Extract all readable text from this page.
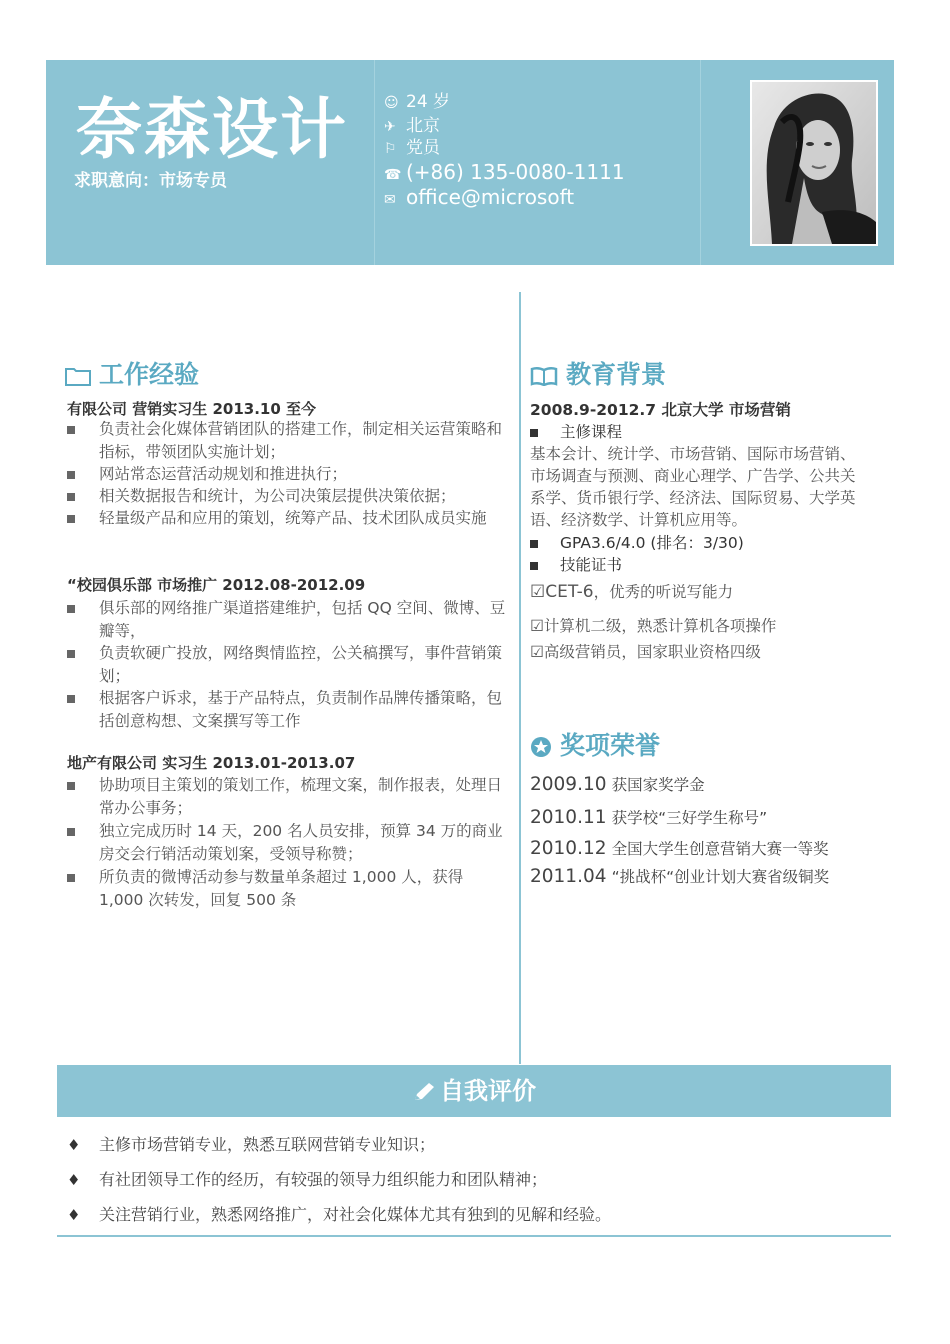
奈森设计
求职意向：市场专员
☺ 24 岁
✈ 北京
⚐ 党员
☎ (+86) 135-0080-1111
✉ office@microsoft
工作经验
有限公司 营销实习生 2013.10 至今
负责社会化媒体营销团队的搭建工作，制定相关运营策略和指标，带领团队实施计划；
网站常态运营活动规划和推进执行；
相关数据报告和统计，为公司决策层提供决策依据；
轻量级产品和应用的策划，统筹产品、技术团队成员实施
“校园俱乐部 市场推广 2012.08-2012.09
俱乐部的网络推广渠道搭建维护，包括 QQ 空间、微博、豆瓣等，
负责软硬广投放，网络舆情监控，公关稿撰写，事件营销策划；
根据客户诉求，基于产品特点，负责制作品牌传播策略，包括创意构想、文案撰写等工作
地产有限公司 实习生 2013.01-2013.07
协助项目主策划的策划工作，梳理文案，制作报表，处理日常办公事务；
独立完成历时 14 天，200 名人员安排，预算 34 万的商业房交会行销活动策划案，受领导称赞；
所负责的微博活动参与数量单条超过 1,000 人，获得 1,000 次转发，回复 500 条
教育背景
2008.9-2012.7 北京大学 市场营销
主修课程
基本会计、统计学、市场营销、国际市场营销、
市场调查与预测、商业心理学、广告学、公共关
系学、货币银行学、经济法、国际贸易、大学英
语、经济数学、计算机应用等。
GPA3.6/4.0 (排名：3/30)
技能证书
☑CET-6，优秀的听说写能力
☑计算机二级，熟悉计算机各项操作
☑高级营销员，国家职业资格四级
奖项荣誉
2009.10 获国家奖学金
2010.11 获学校“三好学生称号”
2010.12 全国大学生创意营销大赛一等奖
2011.04 “挑战杯“创业计划大赛省级铜奖
自我评价
♦ 主修市场营销专业，熟悉互联网营销专业知识；
♦ 有社团领导工作的经历，有较强的领导力组织能力和团队精神；
♦ 关注营销行业，熟悉网络推广，对社会化媒体尤其有独到的见解和经验。
